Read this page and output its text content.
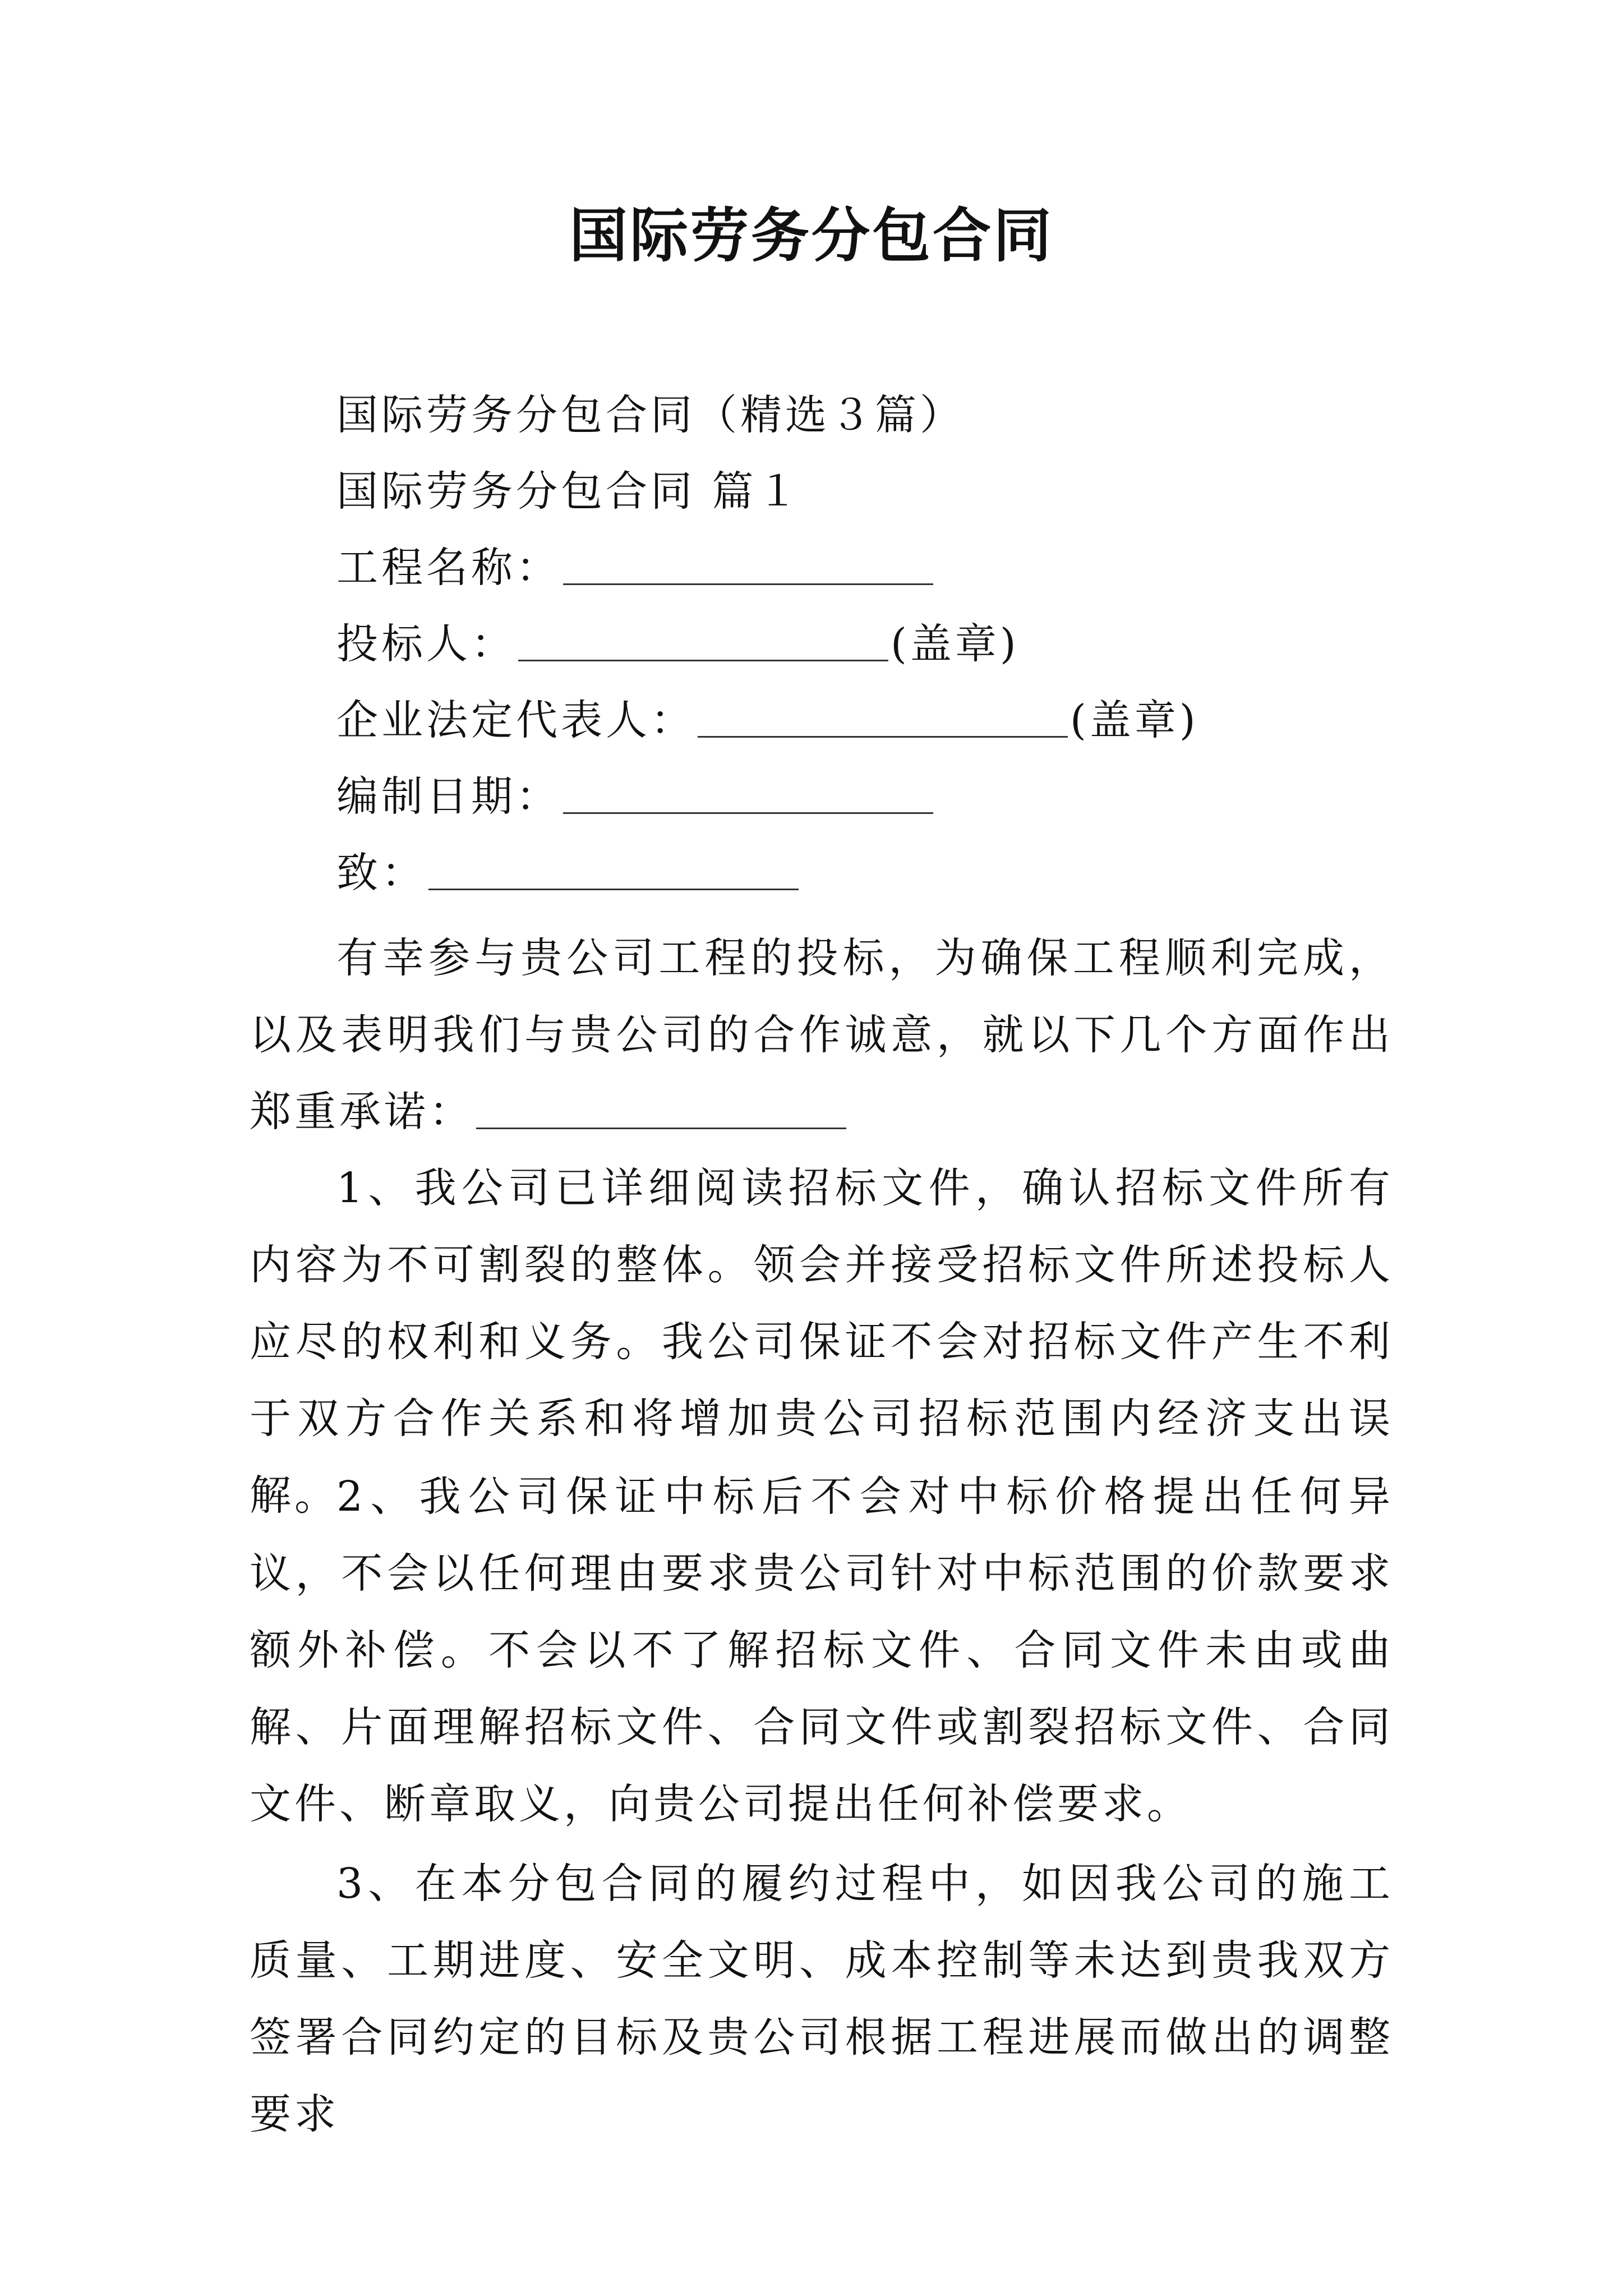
国际劳务分包合同
国际劳务分包合同（精选３篇）
国际劳务分包合同 篇１
工程名称：
投标人：	(盖章)
企业法定代表人：	(盖章)
编制日期：
致：
有幸参与贵公司工程的投标，为确保工程顺利完成，以及表明我们与贵公司的合作诚意，就以下几个方面作出郑重承诺：
1、我公司已详细阅读招标文件，确认招标文件所有内容为不可割裂的整体。领会并接受招标文件所述投标人应尽的权利和义务。我公司保证不会对招标文件产生不利于双方合作关系和将增加贵公司招标范围内经济支出误解。
2、我公司保证中标后不会对中标价格提出任何异议，不会以任何理由要求贵公司针对中标范围的价款要求额外补偿。不会以不了解招标文件、合同文件未由或曲解、片面理解招标文件、合同文件或割裂招标文件、合同文件、断章取义，向贵公司提出任何补偿要求。
3、在本分包合同的履约过程中，如因我公司的施工质量、工期进度、安全文明、成本控制等未达到贵我双方签署合同约定的目标及贵公司根据工程进展而做出的调整要求
